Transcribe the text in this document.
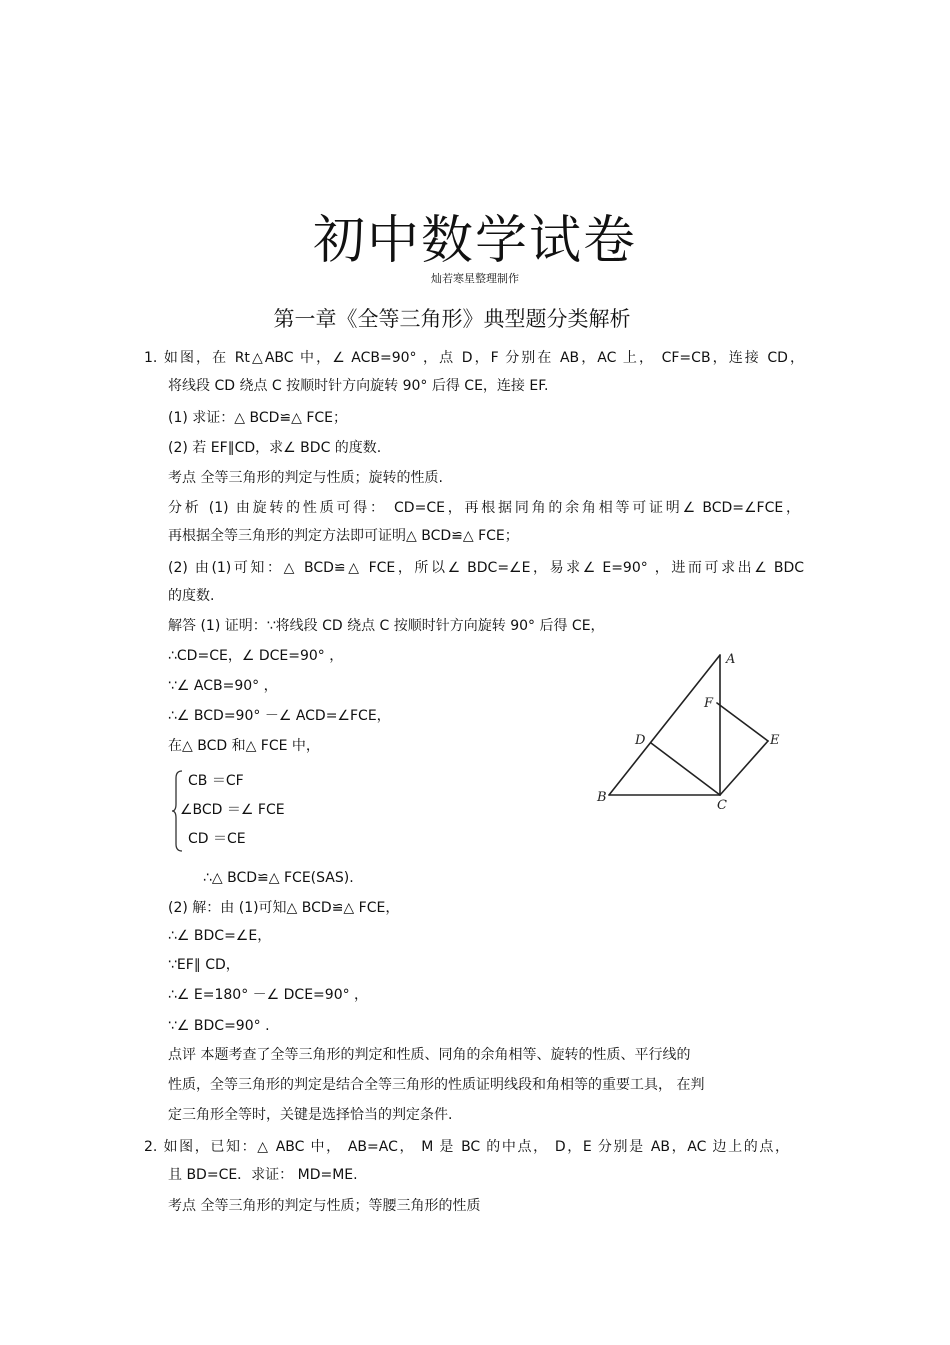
初中数学试卷
灿若寒星整理制作
第一章《全等三角形》典型题分类解析
1. 如图，在 Rt△ABC 中，∠ ACB=90° ，点 D，F 分别在 AB，AC 上， CF=CB，连接 CD，
将线段 CD 绕点 C 按顺时针方向旋转 90° 后得 CE，连接 EF.
(1) 求证：△ BCD≌△ FCE；
(2) 若 EF∥CD，求∠ BDC 的度数.
考点 全等三角形的判定与性质；旋转的性质.
分析 (1) 由旋转的性质可得： CD=CE，再根据同角的余角相等可证明∠ BCD=∠FCE，
再根据全等三角形的判定方法即可证明△ BCD≌△ FCE；
(2) 由(1)可知：△ BCD≌△ FCE，所以∠ BDC=∠E，易求∠ E=90° ，进而可求出∠ BDC
的度数.
解答 (1) 证明：∵将线段 CD 绕点 C 按顺时针方向旋转 90° 后得 CE，
∴CD=CE，∠ DCE=90° ，
∵∠ ACB=90° ，
∴∠ BCD=90° －∠ ACD=∠FCE，
在△ BCD 和△ FCE 中，
CB ＝CF
∠BCD ＝∠ FCE
CD ＝CE
∴△ BCD≌△ FCE(SAS).
(2) 解：由 (1)可知△ BCD≌△ FCE，
∴∠ BDC=∠E，
∵EF∥ CD，
∴∠ E=180° －∠ DCE=90° ，
∵∠ BDC=90° .
点评 本题考查了全等三角形的判定和性质、同角的余角相等、旋转的性质、平行线的
性质，全等三角形的判定是结合全等三角形的性质证明线段和角相等的重要工具， 在判
定三角形全等时，关键是选择恰当的判定条件.
A
B
C
D	E
F
2. 如图，已知：△ ABC 中， AB=AC， M 是 BC 的中点， D，E 分别是 AB，AC 边上的点，
且 BD=CE．求证： MD=ME.
考点 全等三角形的判定与性质；等腰三角形的性质
